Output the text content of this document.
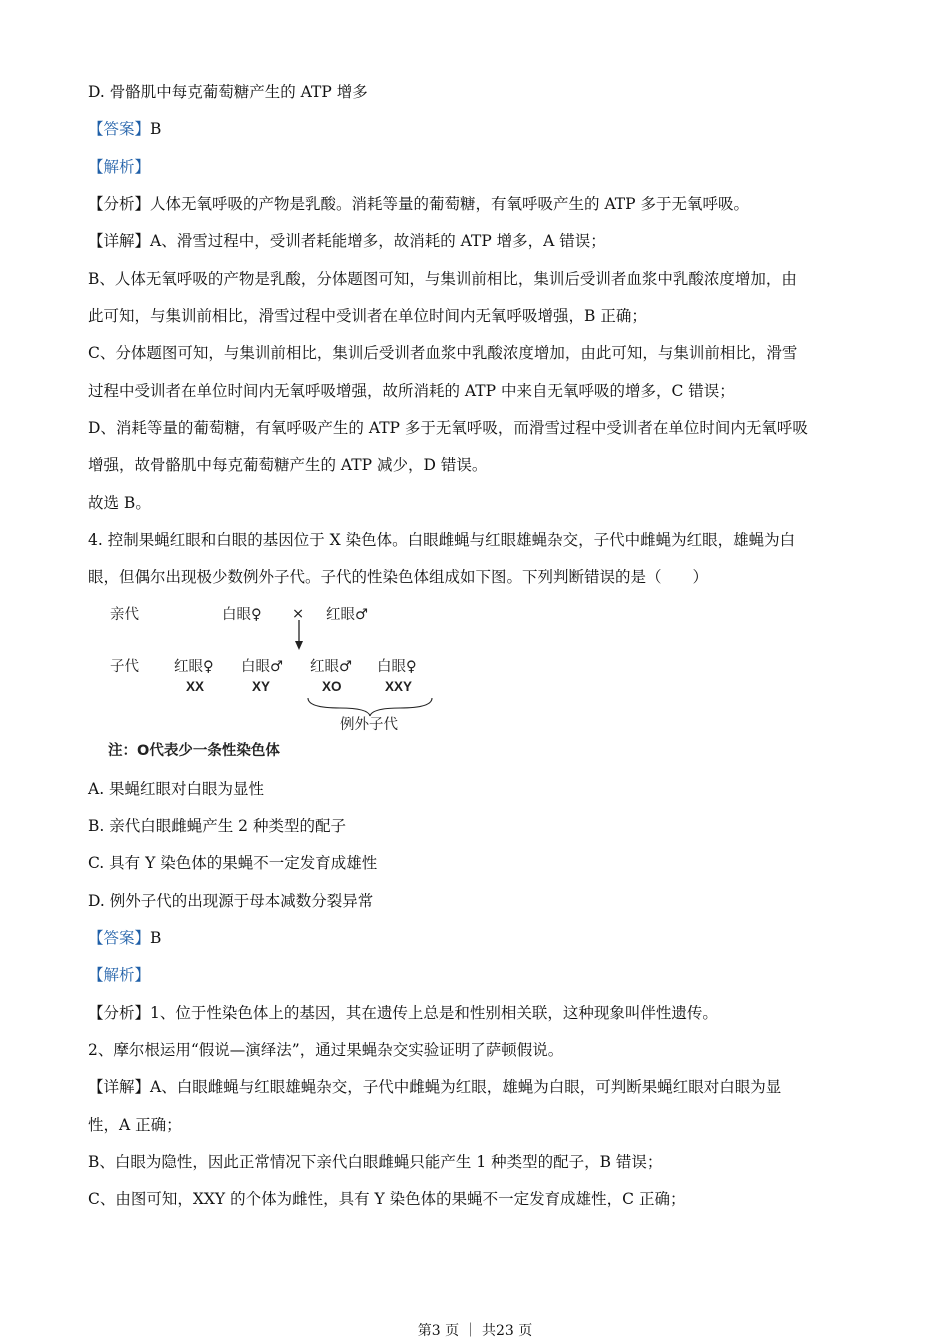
D. 骨骼肌中每克葡萄糖产生的 ATP 增多
【答案】B
【解析】
【分析】人体无氧呼吸的产物是乳酸。消耗等量的葡萄糖，有氧呼吸产生的 ATP 多于无氧呼吸。
【详解】A、滑雪过程中，受训者耗能增多，故消耗的 ATP 增多，A 错误；
B、人体无氧呼吸的产物是乳酸，分体题图可知，与集训前相比，集训后受训者血浆中乳酸浓度增加，由
此可知，与集训前相比，滑雪过程中受训者在单位时间内无氧呼吸增强，B 正确；
C、分体题图可知，与集训前相比，集训后受训者血浆中乳酸浓度增加，由此可知，与集训前相比，滑雪
过程中受训者在单位时间内无氧呼吸增强，故所消耗的 ATP 中来自无氧呼吸的增多，C 错误；
D、消耗等量的葡萄糖，有氧呼吸产生的 ATP 多于无氧呼吸，而滑雪过程中受训者在单位时间内无氧呼吸
增强，故骨骼肌中每克葡萄糖产生的 ATP 减少，D 错误。
故选 B。
4. 控制果蝇红眼和白眼的基因位于 X 染色体。白眼雌蝇与红眼雄蝇杂交，子代中雌蝇为红眼，雄蝇为白
眼，但偶尔出现极少数例外子代。子代的性染色体组成如下图。下列判断错误的是（　　）
亲代	白眼♀ × 红眼♂
子代 红眼♀
XX
白眼♂
XY
红眼♂
XO
白眼♀
XXY
例外子代
注：O代表少一条性染色体
A. 果蝇红眼对白眼为显性
B. 亲代白眼雌蝇产生 2 种类型的配子
C. 具有 Y 染色体的果蝇不一定发育成雄性
D. 例外子代的出现源于母本减数分裂异常
【答案】B
【解析】
【分析】1、位于性染色体上的基因，其在遗传上总是和性别相关联，这种现象叫伴性遗传。
2、摩尔根运用“假说—演绎法”，通过果蝇杂交实验证明了萨顿假说。
【详解】A、白眼雌蝇与红眼雄蝇杂交，子代中雌蝇为红眼，雄蝇为白眼，可判断果蝇红眼对白眼为显
性，A 正确；
B、白眼为隐性，因此正常情况下亲代白眼雌蝇只能产生 1 种类型的配子，B 错误；
C、由图可知，XXY 的个体为雌性，具有 Y 染色体的果蝇不一定发育成雄性，C 正确；
第3 页 ｜ 共23 页
